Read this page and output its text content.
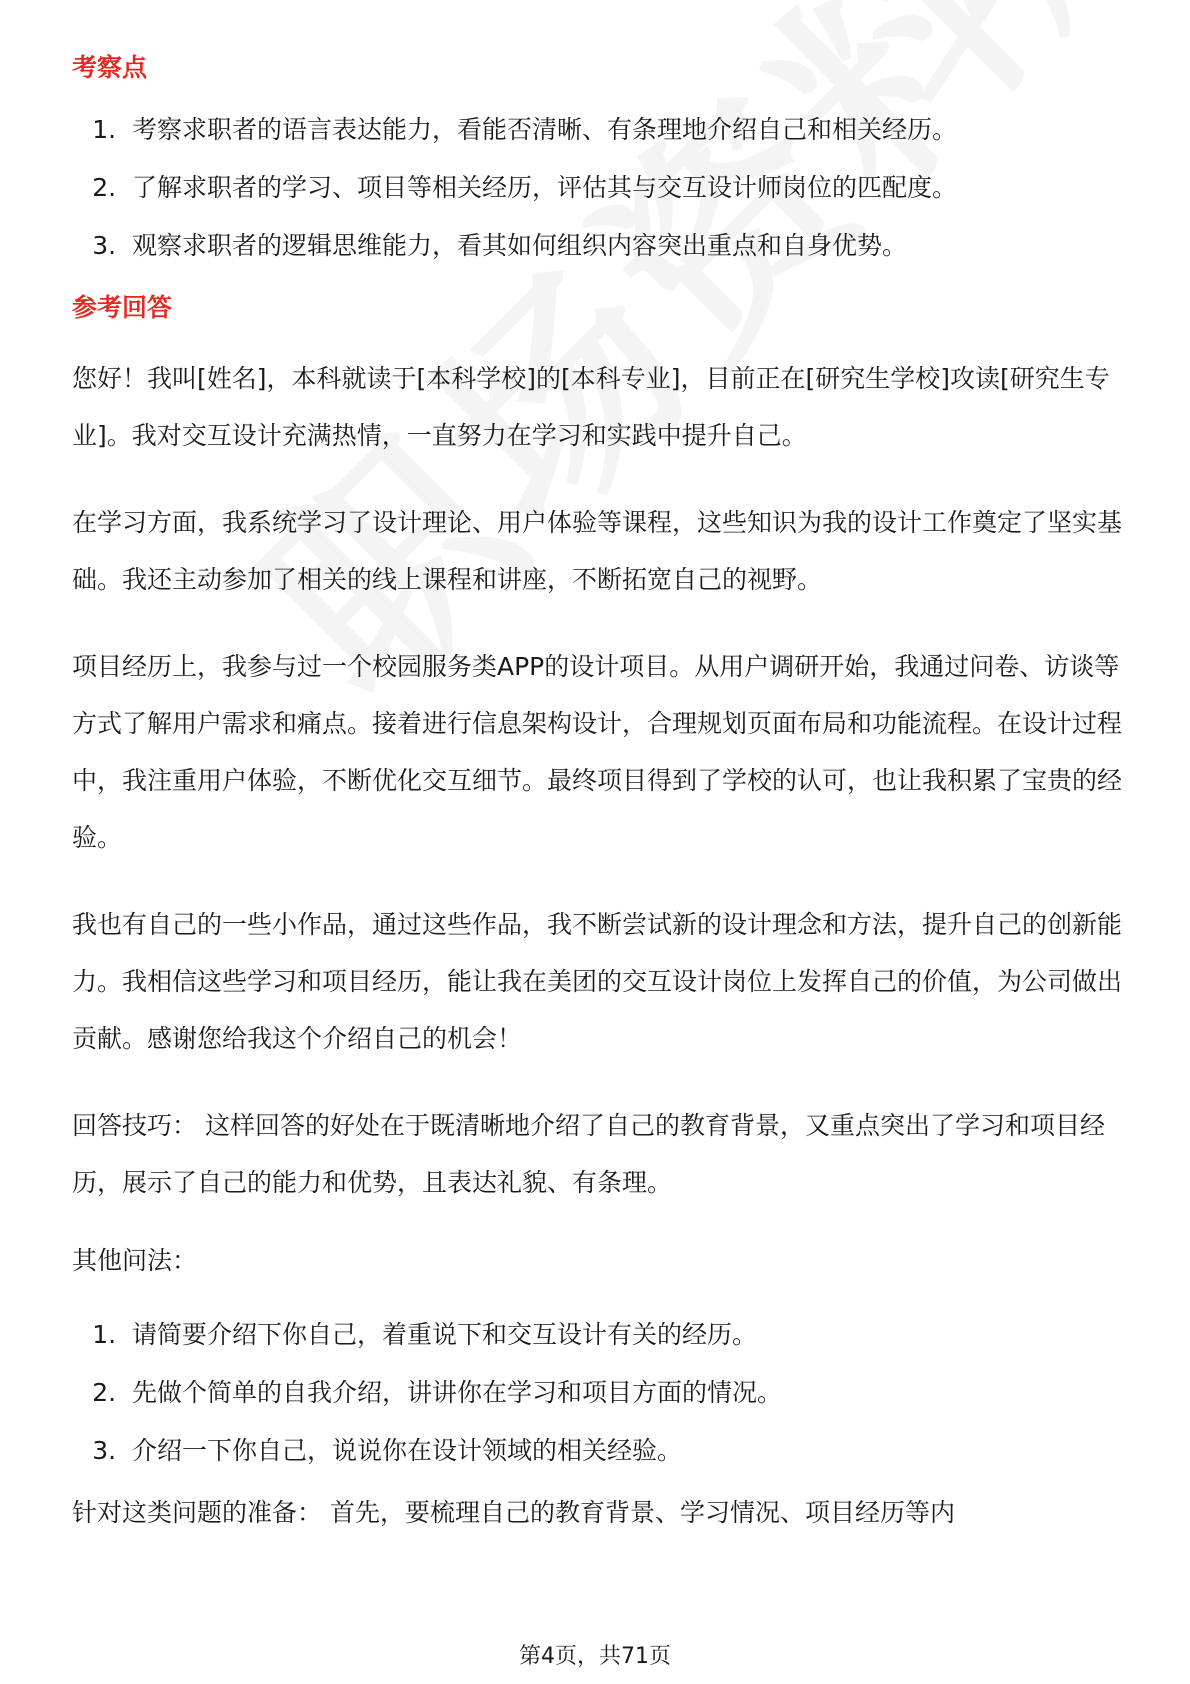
考察点
1. 考察求职者的语言表达能力，看能否清晰、有条理地介绍自己和相关经历。
2. 了解求职者的学习、项目等相关经历，评估其与交互设计师岗位的匹配度。
3. 观察求职者的逻辑思维能力，看其如何组织内容突出重点和自身优势。
参考回答

您好！我叫[姓名]，本科就读于[本科学校]的[本科专业]，目前正在[研究生学校]攻读[研究生专业]。我对交互设计充满热情，一直努力在学习和实践中提升自己。

在学习方面，我系统学习了设计理论、用户体验等课程，这些知识为我的设计工作奠定了坚实基础。我还主动参加了相关的线上课程和讲座，不断拓宽自己的视野。

项目经历上，我参与过一个校园服务类APP的设计项目。从用户调研开始，我通过问卷、访谈等方式了解用户需求和痛点。接着进行信息架构设计，合理规划页面布局和功能流程。在设计过程中，我注重用户体验，不断优化交互细节。最终项目得到了学校的认可，也让我积累了宝贵的经验。

我也有自己的一些小作品，通过这些作品，我不断尝试新的设计理念和方法，提升自己的创新能力。我相信这些学习和项目经历，能让我在美团的交互设计岗位上发挥自己的价值，为公司做出贡献。感谢您给我这个介绍自己的机会！

回答技巧： 这样回答的好处在于既清晰地介绍了自己的教育背景，又重点突出了学习和项目经历，展示了自己的能力和优势，且表达礼貌、有条理。

其他问法：

1. 请简要介绍下你自己，着重说下和交互设计有关的经历。
2. 先做个简单的自我介绍，讲讲你在学习和项目方面的情况。
3. 介绍一下你自己，说说你在设计领域的相关经验。

针对这类问题的准备： 首先，要梳理自己的教育背景、学习情况、项目经历等内

第4页，共71页
